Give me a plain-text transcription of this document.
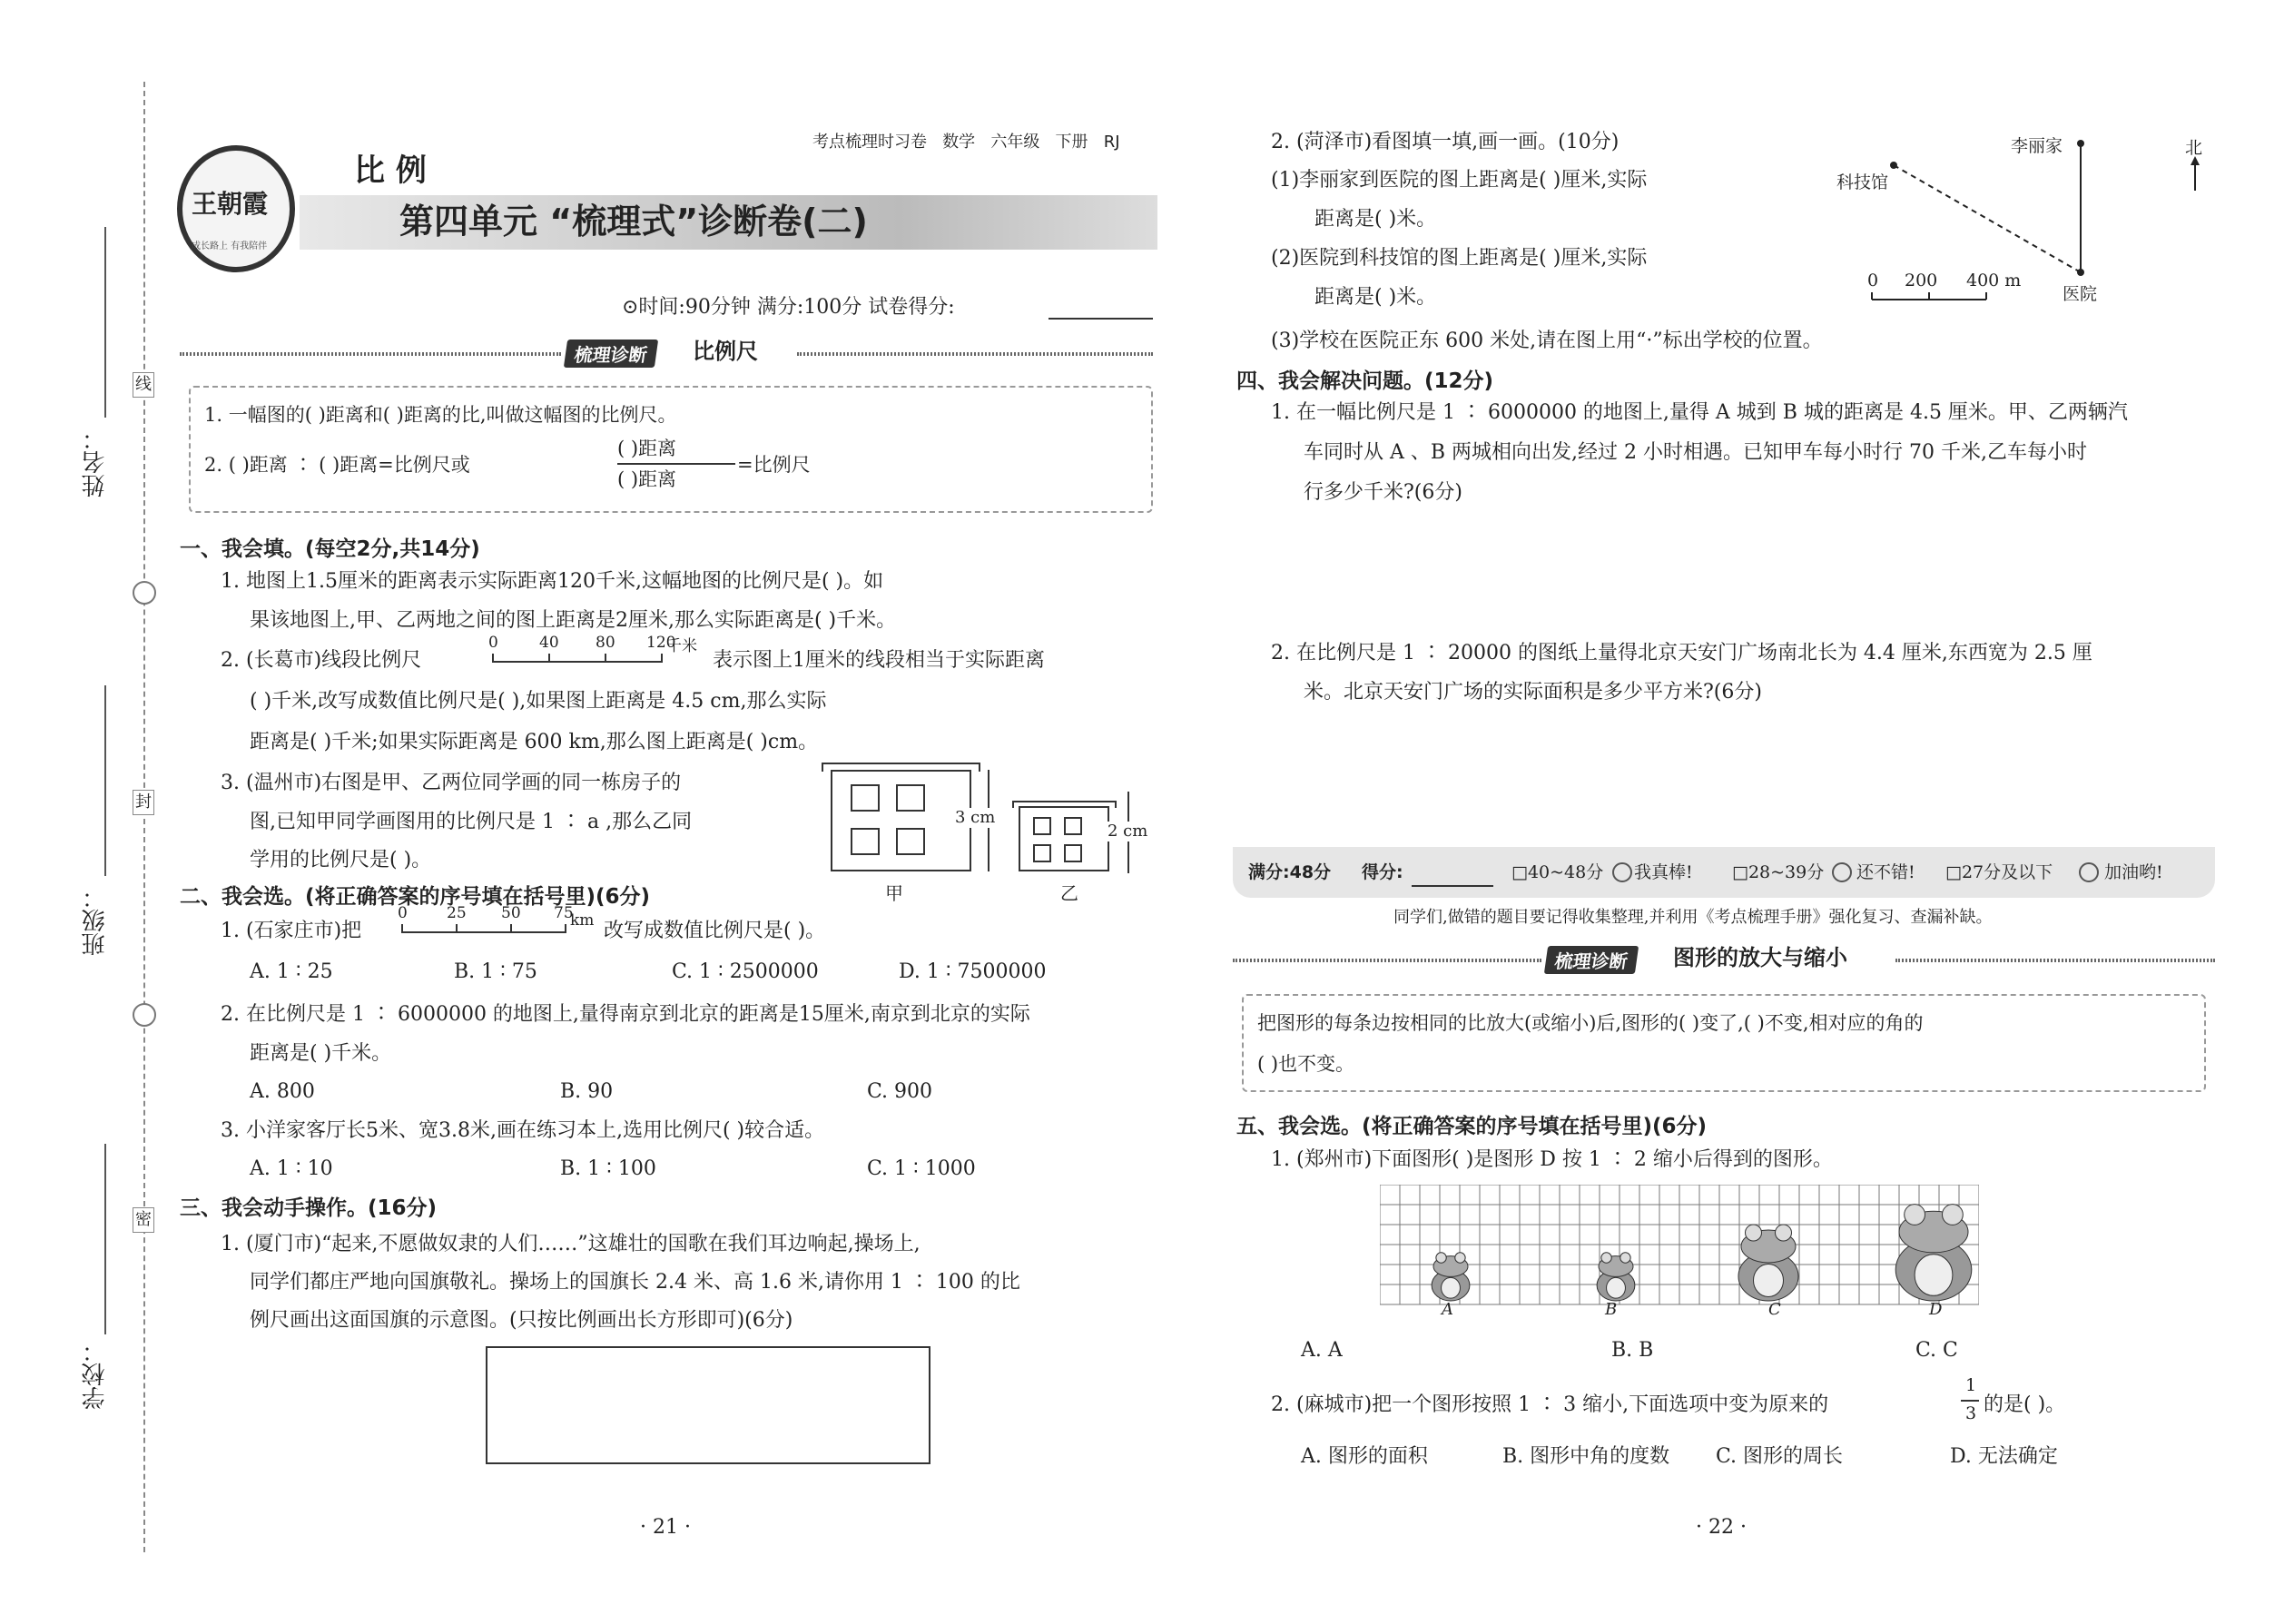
姓名：
班级：
学校：
线
封
密
王朝霞
成长路上 有我陪伴
考点梳理时习卷 数学 六年级 下册 RJ
比 例
第四单元 “梳理式”诊断卷(二)
⊙时间:90分钟 满分:100分 试卷得分:
梳理诊断	比例尺
1. 一幅图的( )距离和( )距离的比,叫做这幅图的比例尺。
2. ( )距离 ∶ ( )距离=比例尺或
( )距离
( )距离
=比例尺
一、我会填。(每空2分,共14分)
1. 地图上1.5厘米的距离表示实际距离120千米,这幅地图的比例尺是( )。如
果该地图上,甲、乙两地之间的图上距离是2厘米,那么实际距离是( )千米。
2. (长葛市)线段比例尺
0	40 80 120
千米
表示图上1厘米的线段相当于实际距离
( )千米,改写成数值比例尺是( ),如果图上距离是 4.5 cm,那么实际
距离是( )千米;如果实际距离是 600 km,那么图上距离是( )cm。
3. (温州市)右图是甲、乙两位同学画的同一栋房子的
图,已知甲同学画图用的比例尺是 1 ∶ a ,那么乙同
学用的比例尺是( )。
3 cm
甲
2 cm
乙
二、我会选。(将正确答案的序号填在括号里)(6分)
1. (石家庄市)把
0	25 50 75
km 改写成数值比例尺是( )。
A. 1 ∶ 25	B. 1 ∶ 75	C. 1 ∶ 2500000	D. 1 ∶ 7500000
2. 在比例尺是 1 ∶ 6000000 的地图上,量得南京到北京的距离是15厘米,南京到北京的实际
距离是( )千米。
A. 800	B. 90	C. 900
3. 小洋家客厅长5米、宽3.8米,画在练习本上,选用比例尺( )较合适。
A. 1 ∶ 10	B. 1 ∶ 100	C. 1 ∶ 1000
三、我会动手操作。(16分)
1. (厦门市)“起来,不愿做奴隶的人们……”这雄壮的国歌在我们耳边响起,操场上,
同学们都庄严地向国旗敬礼。操场上的国旗长 2.4 米、高 1.6 米,请你用 1 ∶ 100 的比
例尺画出这面国旗的示意图。(只按比例画出长方形即可)(6分)
· 21 ·
2. (菏泽市)看图填一填,画一画。(10分)
(1)李丽家到医院的图上距离是( )厘米,实际
距离是( )米。
(2)医院到科技馆的图上距离是( )厘米,实际
距离是( )米。
(3)学校在医院正东 600 米处,请在图上用“·”标出学校的位置。
李丽家
科技馆
医院
北
0 200 400 m
四、我会解决问题。(12分)
1. 在一幅比例尺是 1 ∶ 6000000 的地图上,量得 A 城到 B 城的距离是 4.5 厘米。甲、乙两辆汽
车同时从 A 、B 两城相向出发,经过 2 小时相遇。已知甲车每小时行 70 千米,乙车每小时
行多少千米?(6分)
2. 在比例尺是 1 ∶ 20000 的图纸上量得北京天安门广场南北长为 4.4 厘米,东西宽为 2.5 厘
米。北京天安门广场的实际面积是多少平方米?(6分)
满分:48分 得分:	□40~48分 我真棒! □28~39分 还不错! □27分及以下	加油哟!
同学们,做错的题目要记得收集整理,并利用《考点梳理手册》强化复习、查漏补缺。
梳理诊断	图形的放大与缩小
把图形的每条边按相同的比放大(或缩小)后,图形的( )变了,( )不变,相对应的角的
( )也不变。
五、我会选。(将正确答案的序号填在括号里)(6分)
1. (郑州市)下面图形( )是图形 D 按 1 ∶ 2 缩小后得到的图形。
A	B	C	D
A. A	B. B	C. C
2. (麻城市)把一个图形按照 1 ∶ 3 缩小,下面选项中变为原来的
1
3 的是( )。
A. 图形的面积	B. 图形中角的度数 C. 图形的周长	D. 无法确定
· 22 ·
